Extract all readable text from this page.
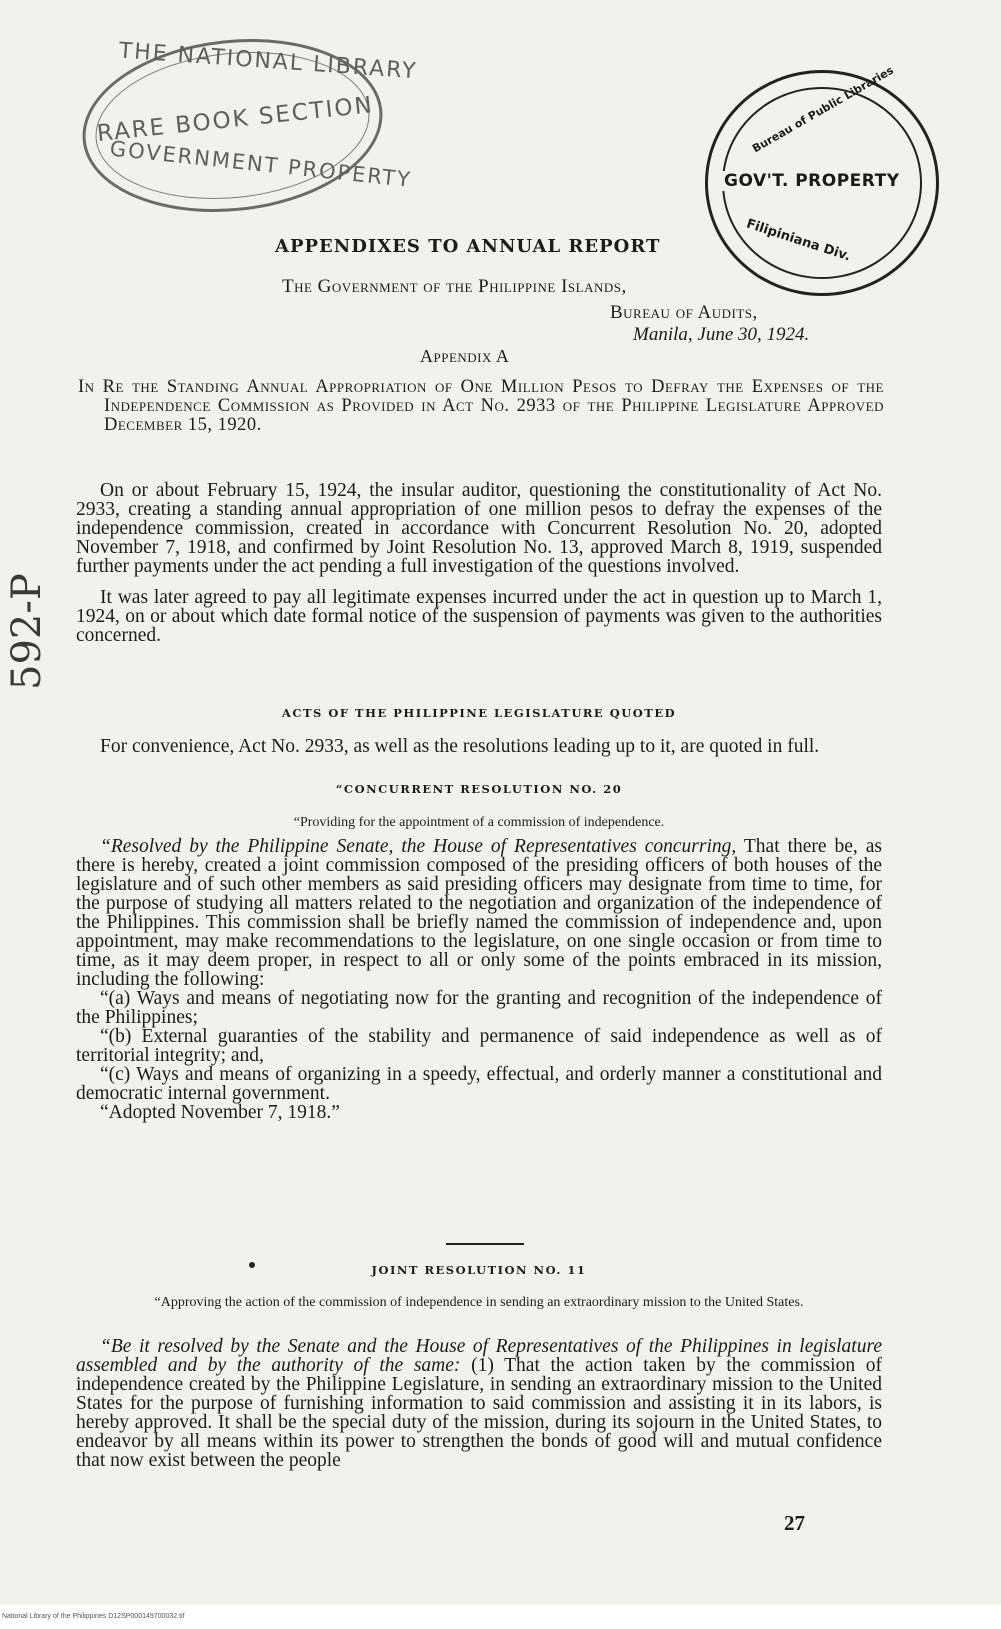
THE NATIONAL LIBRARY
RARE BOOK SECTION
GOVERNMENT PROPERTY
Bureau of Public Libraries
GOV'T. PROPERTY
Filipiniana Div.
592-P
APPENDIXES TO ANNUAL REPORT
The Government of the Philippine Islands,
Bureau of Audits,
Manila, June 30, 1924.
Appendix A
In Re the Standing Annual Appropriation of One Million Pesos to Defray the Expenses of the Independence Commission as Provided in Act No. 2933 of the Philippine Legislature Approved December 15, 1920.

On or about February 15, 1924, the insular auditor, questioning the constitutionality of Act No. 2933, creating a standing annual appropriation of one million pesos to defray the expenses of the independence commission, created in accordance with Concurrent Resolution No. 20, adopted November 7, 1918, and confirmed by Joint Resolution No. 13, approved March 8, 1919, suspended further payments under the act pending a full investigation of the questions involved.

It was later agreed to pay all legitimate expenses incurred under the act in question up to March 1, 1924, on or about which date formal notice of the suspension of payments was given to the authorities concerned.

ACTS OF THE PHILIPPINE LEGISLATURE QUOTED

For convenience, Act No. 2933, as well as the resolutions leading up to it, are quoted in full.

“CONCURRENT RESOLUTION NO. 20
“Providing for the appointment of a commission of independence.

“Resolved by the Philippine Senate, the House of Representatives concurring, That there be, as there is hereby, created a joint commission composed of the presiding officers of both houses of the legislature and of such other members as said presiding officers may designate from time to time, for the purpose of studying all matters related to the negotiation and organization of the independence of the Philippines. This commission shall be briefly named the commission of independence and, upon appointment, may make recommendations to the legislature, on one single occasion or from time to time, as it may deem proper, in respect to all or only some of the points embraced in its mission, including the following:

“(a) Ways and means of negotiating now for the granting and recognition of the independence of the Philippines;

“(b) External guaranties of the stability and permanence of said independence as well as of territorial integrity; and,

“(c) Ways and means of organizing in a speedy, effectual, and orderly manner a constitutional and democratic internal government.

“Adopted November 7, 1918.”

JOINT RESOLUTION NO. 11
“Approving the action of the commission of independence in sending an extraordinary mission to the United States.

“Be it resolved by the Senate and the House of Representatives of the Philippines in legislature assembled and by the authority of the same: (1) That the action taken by the commission of independence created by the Philippine Legislature, in sending an extraordinary mission to the United States for the purpose of furnishing information to said commission and assisting it in its labors, is hereby approved. It shall be the special duty of the mission, during its sojourn in the United States, to endeavor by all means within its power to strengthen the bonds of good will and mutual confidence that now exist between the people

27
National Library of the Philippines D12SP000149700032.tif
